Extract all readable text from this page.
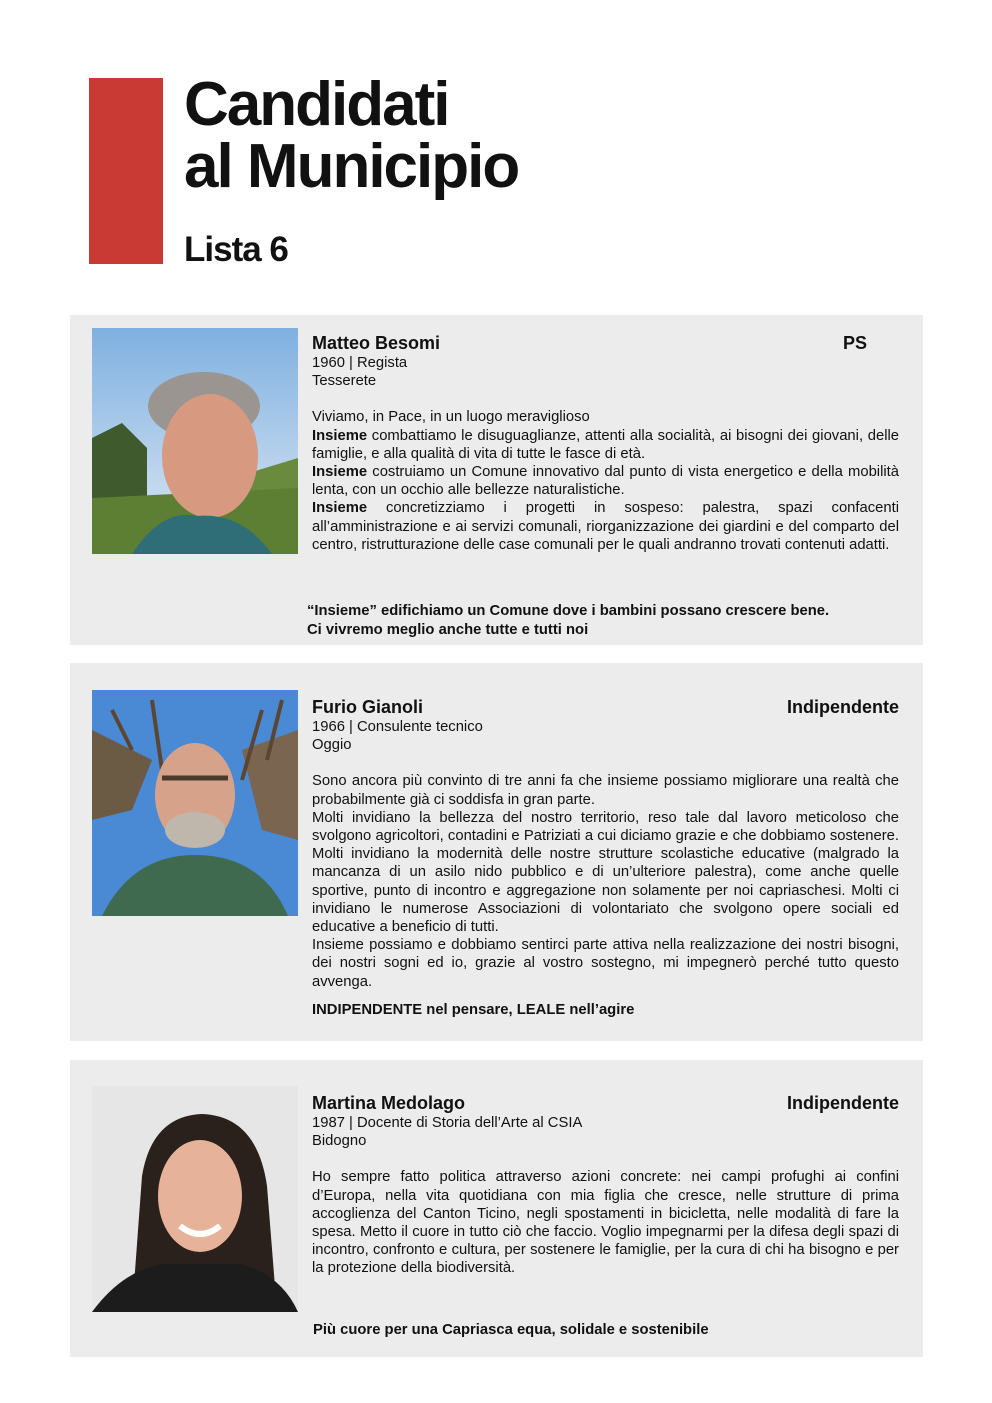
Candidati
al Municipio
Lista 6
Matteo Besomi	PS
1960 | Regista
Tesserete
Viviamo, in Pace, in un luogo meraviglioso
Insieme combattiamo le disuguaglianze, attenti alla socialità, ai bisogni dei giovani, delle famiglie, e alla qualità di vita di tutte le fasce di età.
Insieme costruiamo un Comune innovativo dal punto di vista energetico e della mobilità lenta, con un occhio alle bellezze naturalistiche.
Insieme concretizziamo i progetti in sospeso: palestra, spazi confacenti all’amministrazione e ai servizi comunali, riorganizzazione dei giardini e del comparto del centro, ristrutturazione delle case comunali per le quali andranno trovati contenuti adatti.
“Insieme” edifichiamo un Comune dove i bambini possano crescere bene.
Ci vivremo meglio anche tutte e tutti noi
Furio Gianoli	Indipendente
1966 | Consulente tecnico
Oggio
Sono ancora più convinto di tre anni fa che insieme possiamo migliorare una realtà che probabilmente già ci soddisfa in gran parte.
Molti invidiano la bellezza del nostro territorio, reso tale dal lavoro meticoloso che svolgono agricoltori, contadini e Patriziati a cui diciamo grazie e che dobbiamo sostenere. Molti invidiano la modernità delle nostre strutture scolastiche educative (malgrado la mancanza di un asilo nido pubblico e di un’ulteriore palestra), come anche quelle sportive, punto di incontro e aggregazione non solamente per noi capriaschesi. Molti ci invidiano le numerose Associazioni di volontariato che svolgono opere sociali ed educative a beneficio di tutti.
Insieme possiamo e dobbiamo sentirci parte attiva nella realizzazione dei nostri bisogni, dei nostri sogni ed io, grazie al vostro sostegno, mi impegnerò perché tutto questo avvenga.
INDIPENDENTE nel pensare, LEALE nell’agire
Martina Medolago	Indipendente
1987 | Docente di Storia dell’Arte al CSIA
Bidogno
Ho sempre fatto politica attraverso azioni concrete: nei campi profughi ai confini d’Europa, nella vita quotidiana con mia figlia che cresce, nelle strutture di prima accoglienza del Canton Ticino, negli spostamenti in bicicletta, nelle modalità di fare la spesa. Metto il cuore in tutto ciò che faccio. Voglio impegnarmi per la difesa degli spazi di incontro, confronto e cultura, per sostenere le famiglie, per la cura di chi ha bisogno e per la protezione della biodiversità.
Più cuore per una Capriasca equa, solidale e sostenibile
